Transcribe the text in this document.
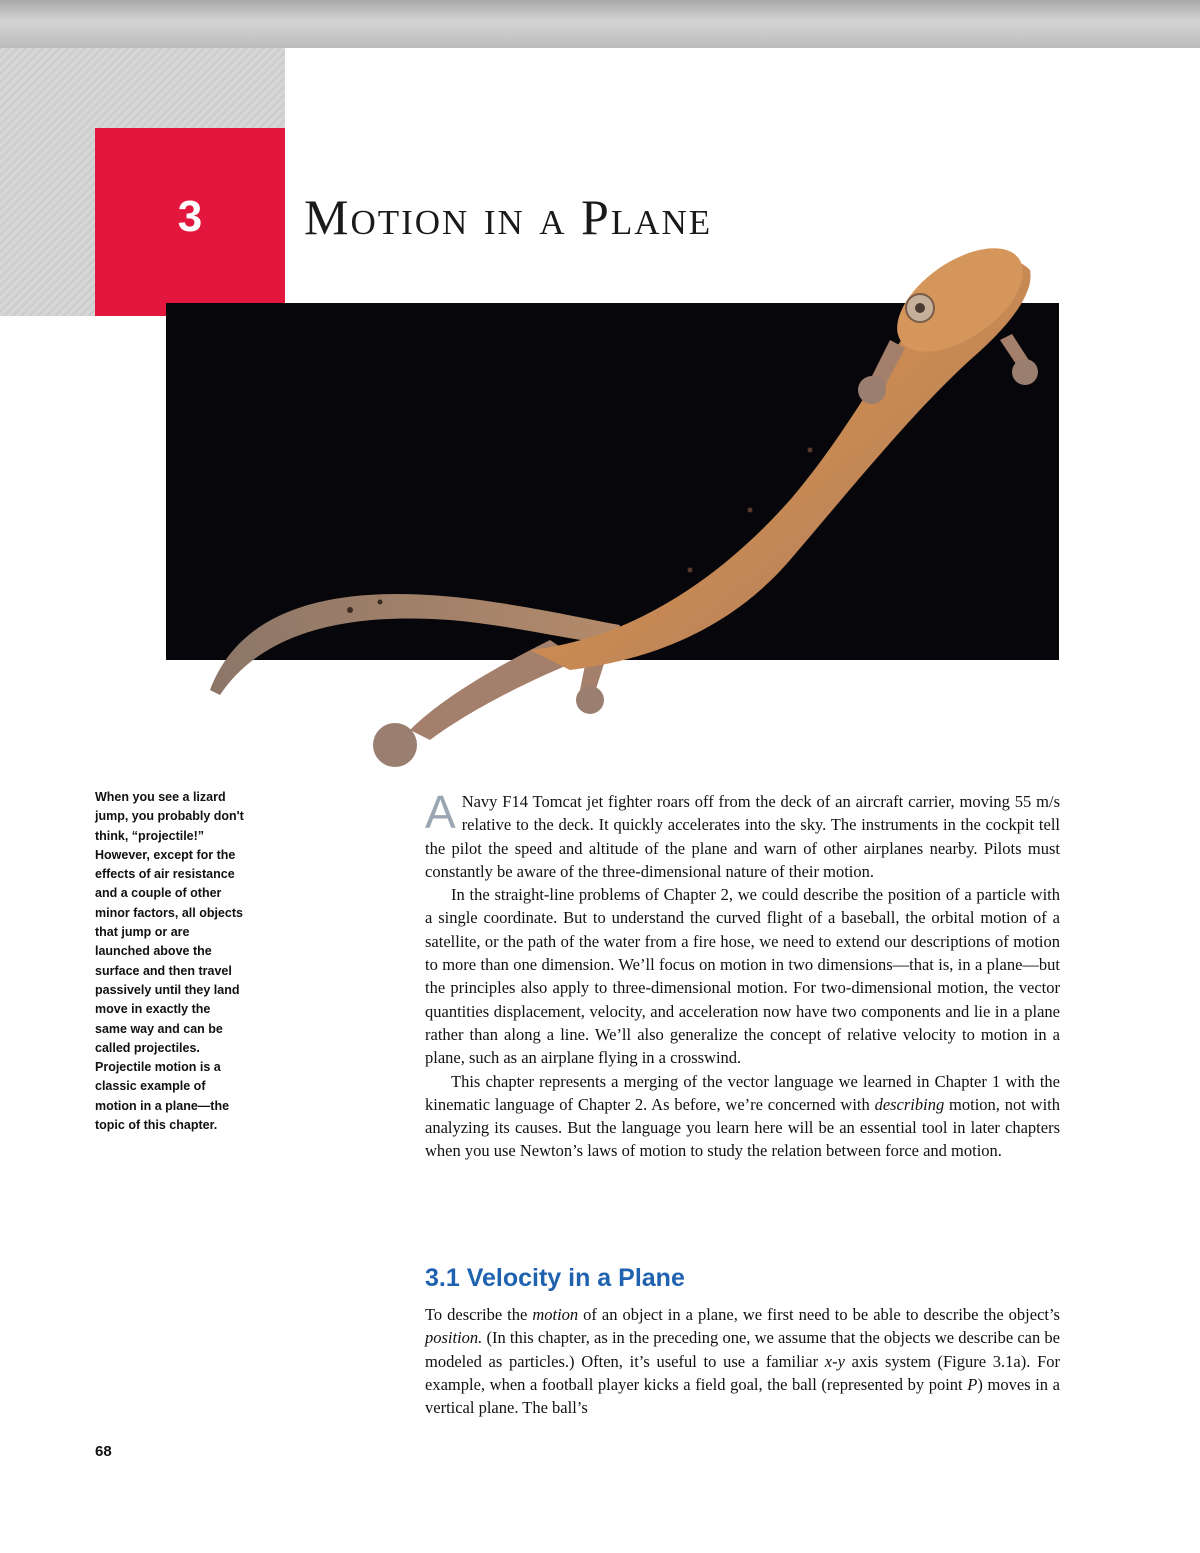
3	Motion in a Plane

When you see a lizard jump, you probably don't think, “projectile!” However, except for the effects of air resistance and a couple of other minor factors, all objects that jump or are launched above the surface and then travel passively until they land move in exactly the same way and can be called projectiles. Projectile motion is a classic example of motion in a plane—the topic of this chapter.

A Navy F14 Tomcat jet fighter roars off from the deck of an aircraft carrier, moving 55 m/s relative to the deck. It quickly accelerates into the sky. The instruments in the cockpit tell the pilot the speed and altitude of the plane and warn of other airplanes nearby. Pilots must constantly be aware of the three-dimensional nature of their motion.

In the straight-line problems of Chapter 2, we could describe the position of a particle with a single coordinate. But to understand the curved flight of a baseball, the orbital motion of a satellite, or the path of the water from a fire hose, we need to extend our descriptions of motion to more than one dimension. We’ll focus on motion in two dimensions—that is, in a plane—but the principles also apply to three-dimensional motion. For two-dimensional motion, the vector quantities displacement, velocity, and acceleration now have two components and lie in a plane rather than along a line. We’ll also generalize the concept of relative velocity to motion in a plane, such as an airplane flying in a crosswind.

This chapter represents a merging of the vector language we learned in Chapter 1 with the kinematic language of Chapter 2. As before, we’re concerned with describing motion, not with analyzing its causes. But the language you learn here will be an essential tool in later chapters when you use Newton’s laws of motion to study the relation between force and motion.

3.1 Velocity in a Plane

To describe the motion of an object in a plane, we first need to be able to describe the object’s position. (In this chapter, as in the preceding one, we assume that the objects we describe can be modeled as particles.) Often, it’s useful to use a familiar x-y axis system (Figure 3.1a). For example, when a football player kicks a field goal, the ball (represented by point P) moves in a vertical plane. The ball’s

68
